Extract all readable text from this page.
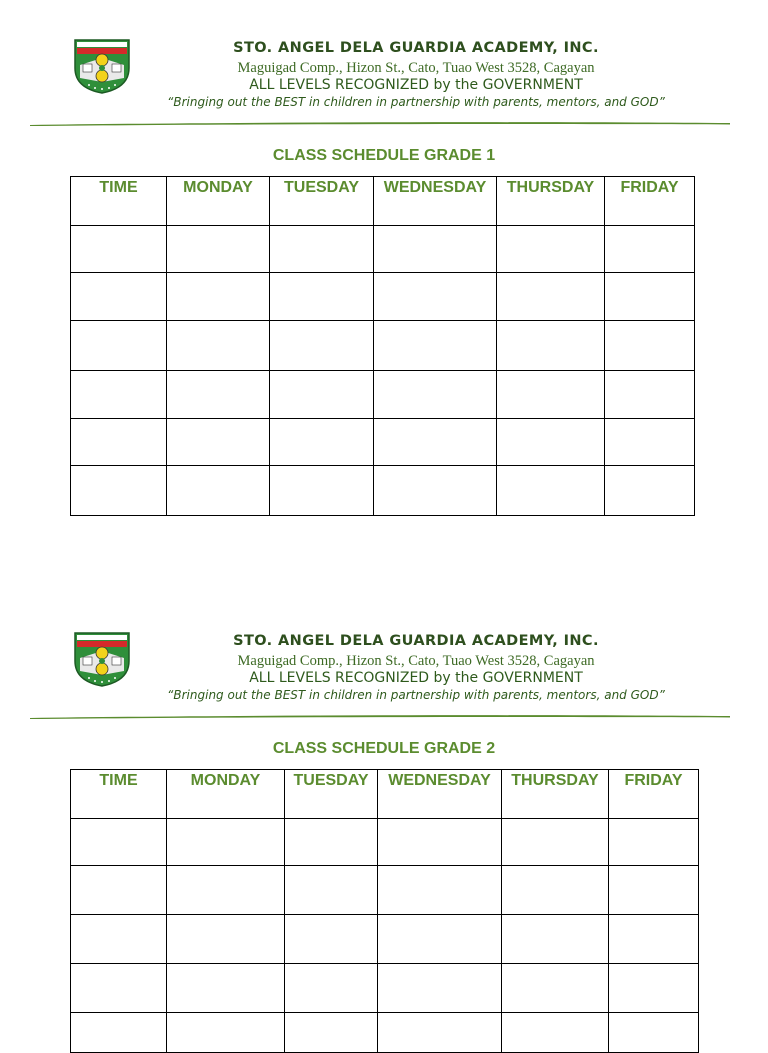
STO. ANGEL DELA GUARDIA ACADEMY, INC.
Maguigad Comp., Hizon St., Cato, Tuao West 3528, Cagayan
ALL LEVELS RECOGNIZED by the GOVERNMENT
“Bringing out the BEST in children in partnership with parents, mentors, and GOD”
CLASS SCHEDULE GRADE 1
TIME	MONDAY	TUESDAY	WEDNESDAY	THURSDAY	FRIDAY

STO. ANGEL DELA GUARDIA ACADEMY, INC.
Maguigad Comp., Hizon St., Cato, Tuao West 3528, Cagayan
ALL LEVELS RECOGNIZED by the GOVERNMENT
“Bringing out the BEST in children in partnership with parents, mentors, and GOD”
CLASS SCHEDULE GRADE 2
TIME	MONDAY	TUESDAY	WEDNESDAY	THURSDAY	FRIDAY
